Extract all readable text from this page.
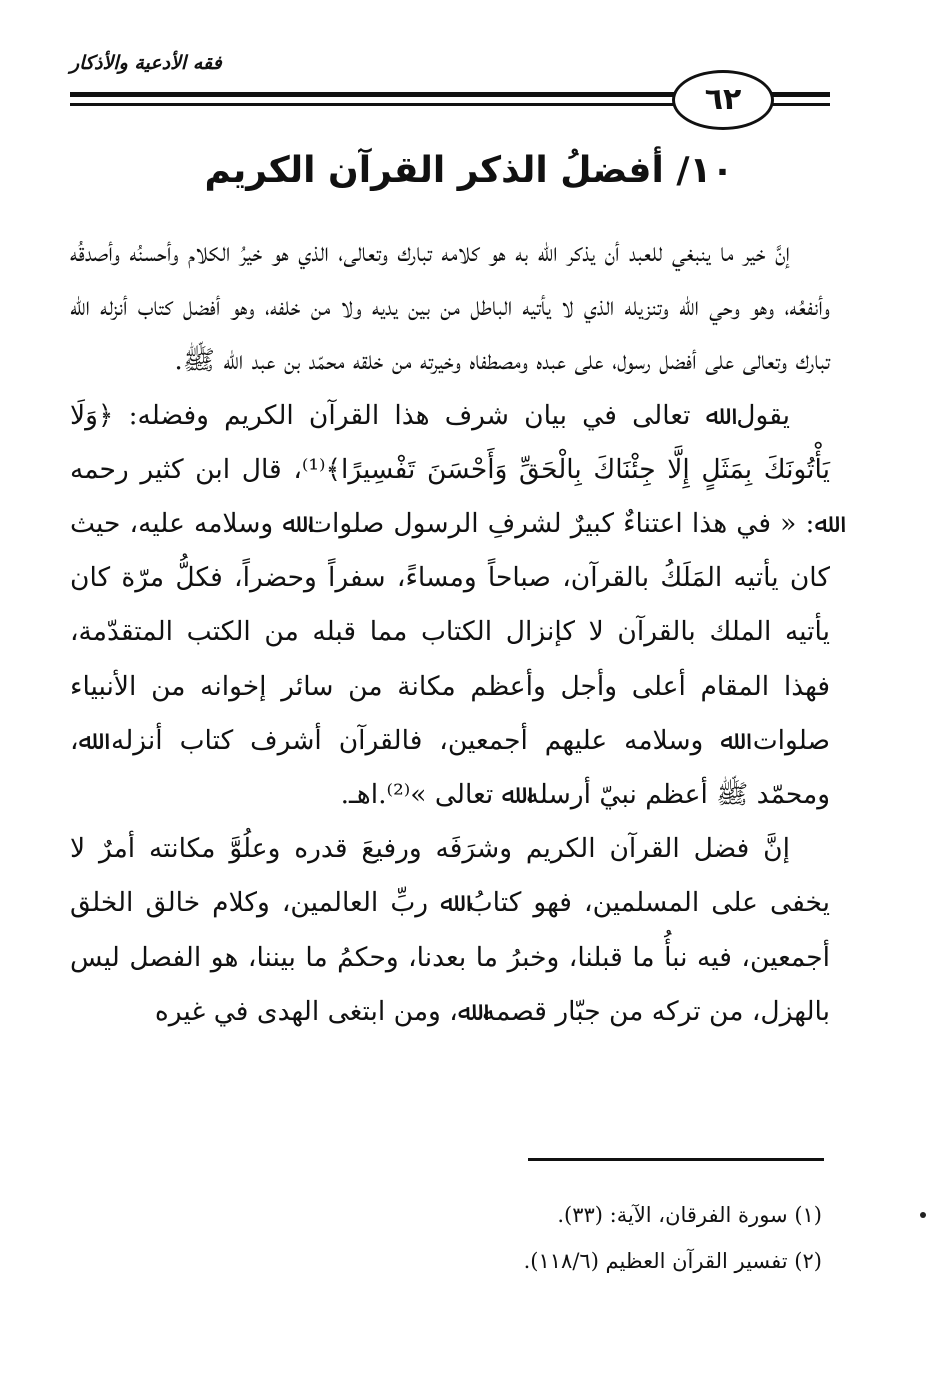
فقه الأدعية والأذكار
٦٢
١٠/ أفضلُ الذكر القرآن الكريم

إنَّ خير ما ينبغي للعبد أن يذكر ﷲ به هو كلامه تبارك وتعالى، الذي هو خيرُ الكلام وأحسنُه وأصدقُه وأنفعُه، وهو وحي ﷲ وتنزيله الذي لا يأتيه الباطل من بين يديه ولا من خلفه، وهو أفضل كتاب أنزله ﷲ تبارك وتعالى على أفضل رسول، على عبده ومصطفاه وخيرته من خلقه محمّد بن عبد ﷲ ﷺ.

يقول ﷲ تعالى في بيان شرف هذا القرآن الكريم وفضله: ﴿وَلَا يَأْتُونَكَ بِمَثَلٍ إِلَّا جِئْنَاكَ بِالْحَقِّ وَأَحْسَنَ تَفْسِيرًا﴾⁽¹⁾، قال ابن كثير رحمه ﷲ: « في هذا اعتناءٌ كبيرٌ لشرفِ الرسول صلوات ﷲ وسلامه عليه، حيث كان يأتيه المَلَكُ بالقرآن، صباحاً ومساءً، سفراً وحضراً، فكلُّ مرّة كان يأتيه الملك بالقرآن لا كإنزال الكتاب مما قبله من الكتب المتقدّمة، فهذا المقام أعلى وأجل وأعظم مكانة من سائر إخوانه من الأنبياء صلوات ﷲ وسلامه عليهم أجمعين، فالقرآن أشرف كتاب أنزله ﷲ، ومحمّد ﷺ أعظم نبيّ أرسله ﷲ تعالى »⁽²⁾.اهـ.

إنَّ فضل القرآن الكريم وشرَفَه ورفيعَ قدره وعلُوَّ مكانته أمرٌ لا يخفى على المسلمين، فهو كتابُ ﷲ ربِّ العالمين، وكلام خالق الخلق أجمعين، فيه نبأُ ما قبلنا، وخبرُ ما بعدنا، وحكمُ ما بيننا، هو الفصل ليس بالهزل، من تركه من جبّار قصمه ﷲ، ومن ابتغى الهدى في غيره

(١) سورة الفرقان، الآية: (٣٣).
(٢) تفسير القرآن العظيم (١١٨/٦).
